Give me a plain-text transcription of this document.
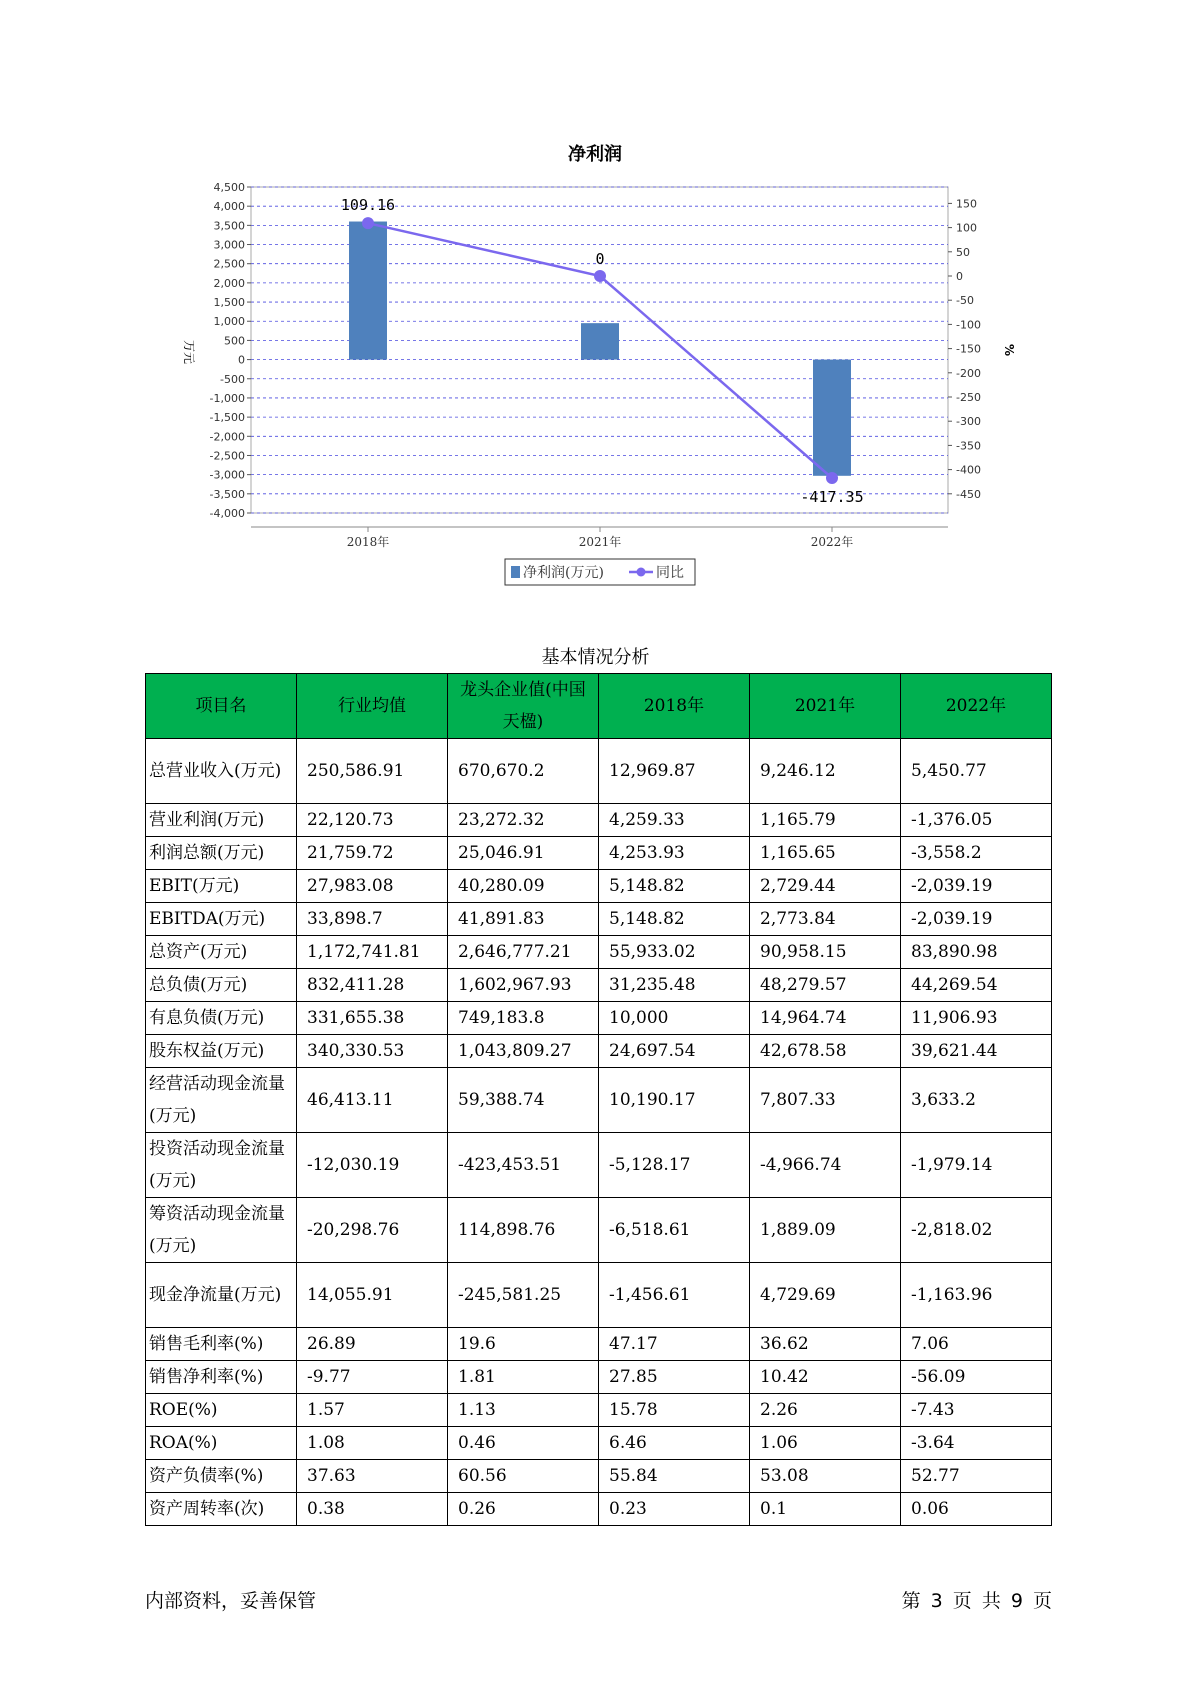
净利润
4,500
4,000
3,500
3,000
2,500
2,000
1,500
1,000
500
0
-500
-1,000
-1,500
-2,000
-2,500
-3,000
-3,500
-4,000
150
100
50
0
-50
-100
-150
-200
-250
-300
-350
-400
-450
万元	%
2018年	2021年	2022年
109.16
0
-417.35
净利润(万元)	同比
基本情况分析
项目名	行业均值	龙头企业值(中国天楹)	2018年	2021年	2022年
总营业收入(万元)	250,586.91	670,670.2	12,969.87	9,246.12	5,450.77
营业利润(万元)	22,120.73	23,272.32	4,259.33	1,165.79	-1,376.05
利润总额(万元)	21,759.72	25,046.91	4,253.93	1,165.65	-3,558.2
EBIT(万元)	27,983.08	40,280.09	5,148.82	2,729.44	-2,039.19
EBITDA(万元)	33,898.7	41,891.83	5,148.82	2,773.84	-2,039.19
总资产(万元)	1,172,741.81	2,646,777.21	55,933.02	90,958.15	83,890.98
总负债(万元)	832,411.28	1,602,967.93	31,235.48	48,279.57	44,269.54
有息负债(万元)	331,655.38	749,183.8	10,000	14,964.74	11,906.93
股东权益(万元)	340,330.53	1,043,809.27	24,697.54	42,678.58	39,621.44
经营活动现金流量(万元)	46,413.11	59,388.74	10,190.17	7,807.33	3,633.2
投资活动现金流量(万元)	-12,030.19	-423,453.51	-5,128.17	-4,966.74	-1,979.14
筹资活动现金流量(万元)	-20,298.76	114,898.76	-6,518.61	1,889.09	-2,818.02
现金净流量(万元)	14,055.91	-245,581.25	-1,456.61	4,729.69	-1,163.96
销售毛利率(%)	26.89	19.6	47.17	36.62	7.06
销售净利率(%)	-9.77	1.81	27.85	10.42	-56.09
ROE(%)	1.57	1.13	15.78	2.26	-7.43
ROA(%)	1.08	0.46	6.46	1.06	-3.64
资产负债率(%)	37.63	60.56	55.84	53.08	52.77
资产周转率(次)	0.38	0.26	0.23	0.1	0.06
内部资料，妥善保管	第 3 页 共 9 页
